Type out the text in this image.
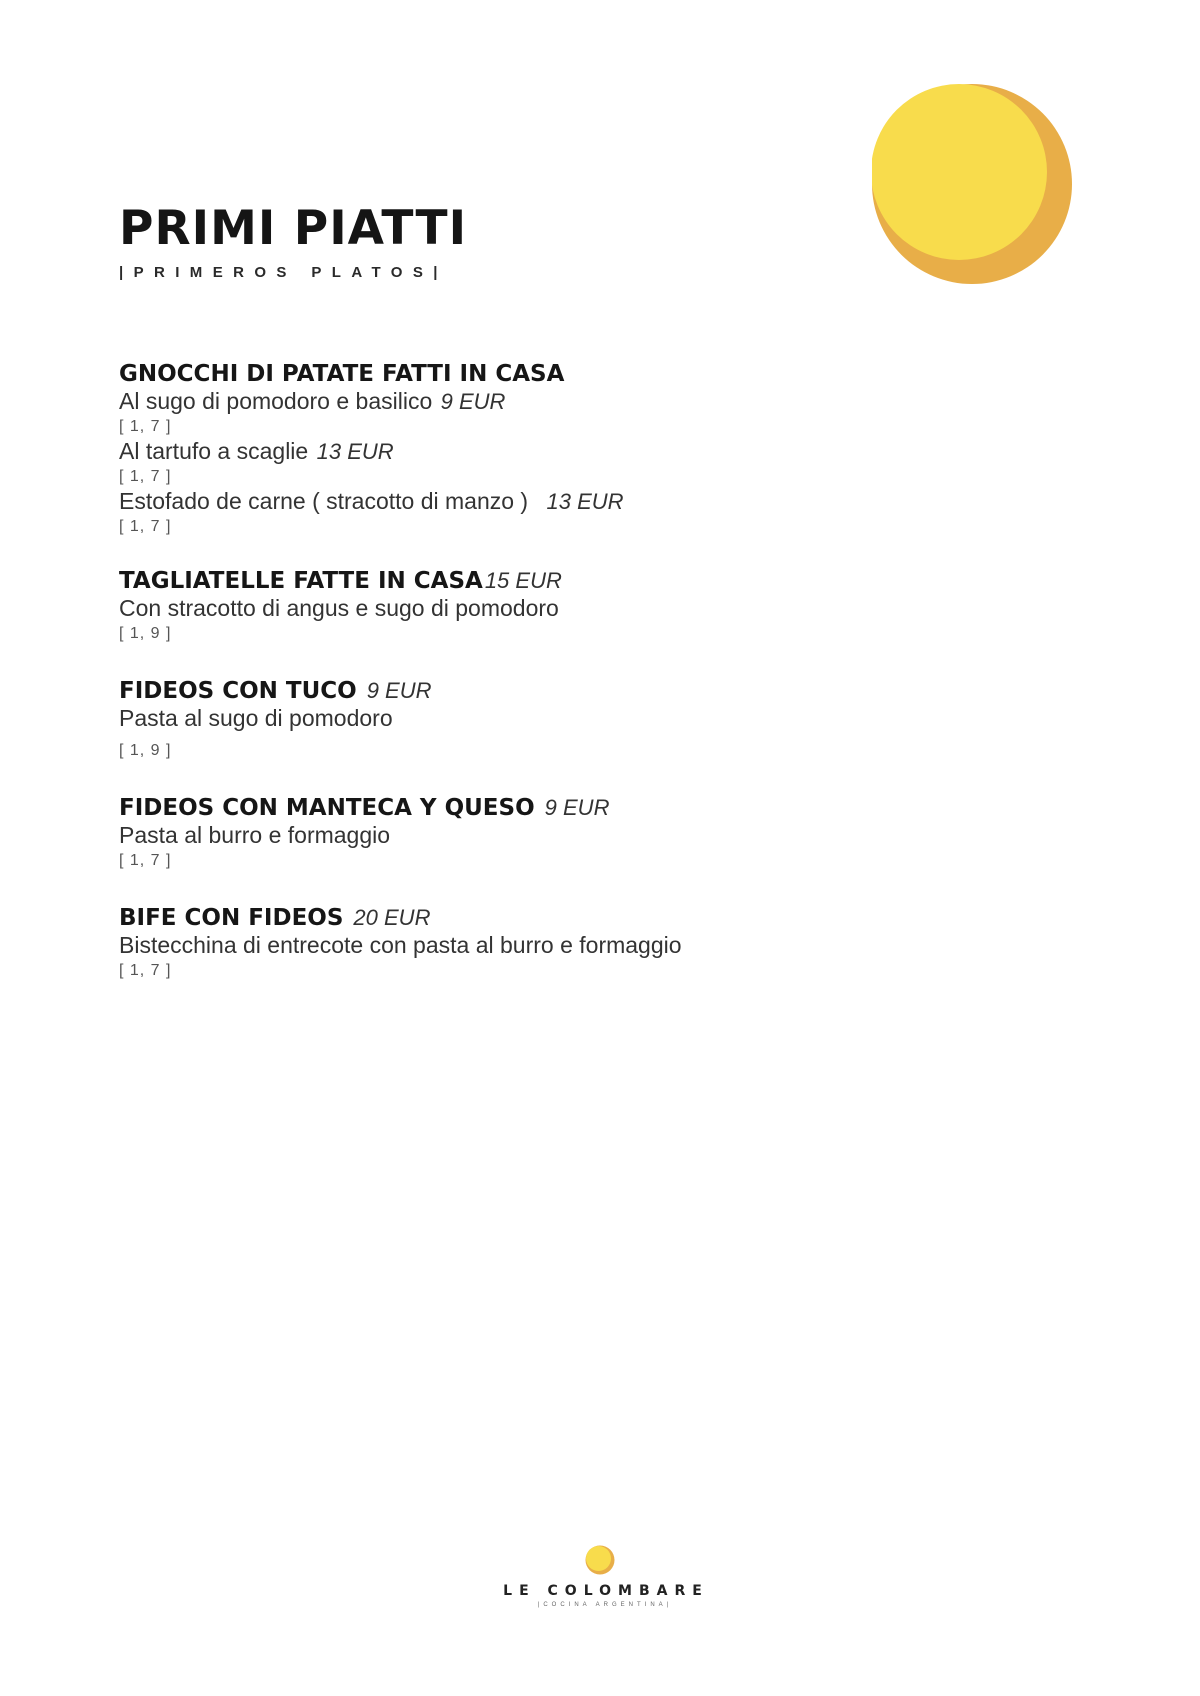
PRIMI PIATTI
|PRIMEROS PLATOS|
GNOCCHI DI PATATE FATTI IN CASA
Al sugo di pomodoro e basilico 9 EUR
[ 1, 7 ]
Al tartufo a scaglie 13 EUR
[ 1, 7 ]
Estofado de carne ( stracotto di manzo ) 13 EUR
[ 1, 7 ]
TAGLIATELLE FATTE IN CASA15 EUR
Con stracotto di angus e sugo di pomodoro
[ 1, 9 ]
FIDEOS CON TUCO 9 EUR
Pasta al sugo di pomodoro
[ 1, 9 ]
FIDEOS CON MANTECA Y QUESO 9 EUR
Pasta al burro e formaggio
[ 1, 7 ]
BIFE CON FIDEOS 20 EUR
Bistecchina di entrecote con pasta al burro e formaggio
[ 1, 7 ]
LE COLOMBARE
|COCINA ARGENTINA|
